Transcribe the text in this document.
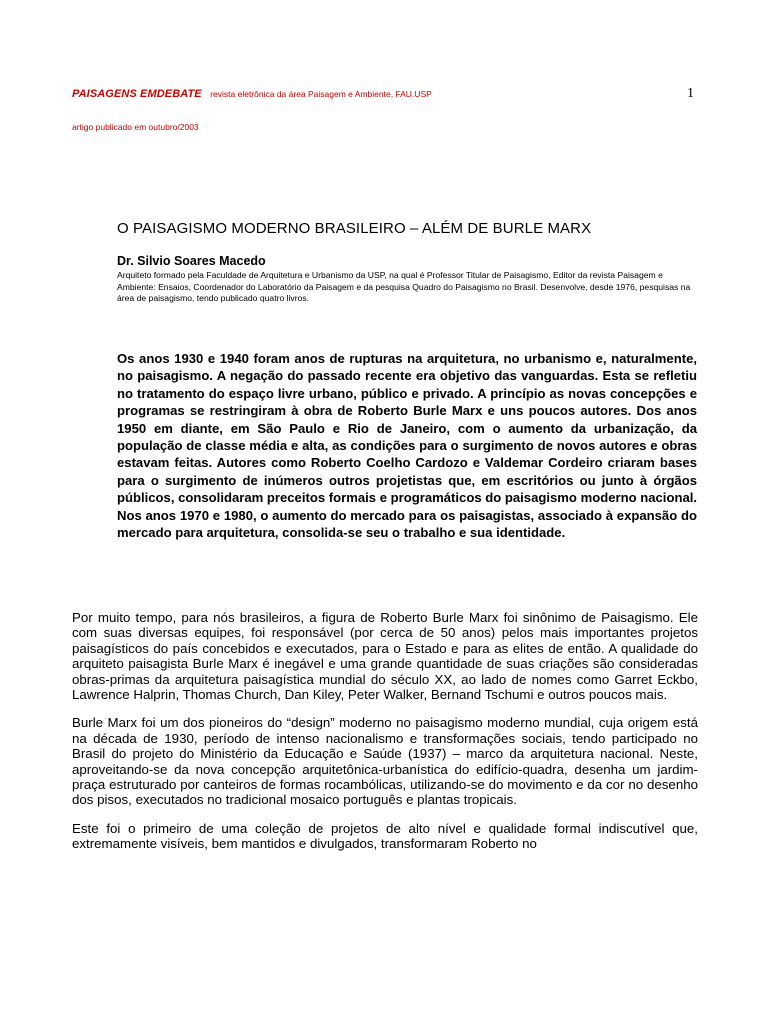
PAISAGENS EMDEBATE revista eletrônica da área Paisagem e Ambiente, FAU.USP	1
artigo publicado em outubro/2003
O PAISAGISMO MODERNO BRASILEIRO – ALÉM DE BURLE MARX
Dr. Silvio Soares Macedo

Arquiteto formado pela Faculdade de Arquitetura e Urbanismo da USP, na qual é Professor Titular de Paisagismo, Editor da revista Paisagem e Ambiente: Ensaios, Coordenador do Laboratório da Paisagem e da pesquisa Quadro do Paisagismo no Brasil. Desenvolve, desde 1976, pesquisas na área de paisagismo, tendo publicado quatro livros.

Os anos 1930 e 1940 foram anos de rupturas na arquitetura, no urbanismo e, naturalmente, no paisagismo. A negação do passado recente era objetivo das vanguardas. Esta se refletiu no tratamento do espaço livre urbano, público e privado. A princípio as novas concepções e programas se restringiram à obra de Roberto Burle Marx e uns poucos autores. Dos anos 1950 em diante, em São Paulo e Rio de Janeiro, com o aumento da urbanização, da população de classe média e alta, as condições para o surgimento de novos autores e obras estavam feitas. Autores como Roberto Coelho Cardozo e Valdemar Cordeiro criaram bases para o surgimento de inúmeros outros projetistas que, em escritórios ou junto à órgãos públicos, consolidaram preceitos formais e programáticos do paisagismo moderno nacional. Nos anos 1970 e 1980, o aumento do mercado para os paisagistas, associado à expansão do mercado para arquitetura, consolida-se seu o trabalho e sua identidade.

Por muito tempo, para nós brasileiros, a figura de Roberto Burle Marx foi sinônimo de Paisagismo. Ele com suas diversas equipes, foi responsável (por cerca de 50 anos) pelos mais importantes projetos paisagísticos do país concebidos e executados, para o Estado e para as elites de então. A qualidade do arquiteto paisagista Burle Marx é inegável e uma grande quantidade de suas criações são consideradas obras-primas da arquitetura paisagística mundial do século XX, ao lado de nomes como Garret Eckbo, Lawrence Halprin, Thomas Church, Dan Kiley, Peter Walker, Bernand Tschumi e outros poucos mais.

Burle Marx foi um dos pioneiros do “design” moderno no paisagismo moderno mundial, cuja origem está na década de 1930, período de intenso nacionalismo e transformações sociais, tendo participado no Brasil do projeto do Ministério da Educação e Saúde (1937) – marco da arquitetura nacional. Neste, aproveitando-se da nova concepção arquitetônica-urbanística do edifício-quadra, desenha um jardim-praça estruturado por canteiros de formas rocambólicas, utilizando-se do movimento e da cor no desenho dos pisos, executados no tradicional mosaico português e plantas tropicais.

Este foi o primeiro de uma coleção de projetos de alto nível e qualidade formal indiscutível que, extremamente visíveis, bem mantidos e divulgados, transformaram Roberto no
